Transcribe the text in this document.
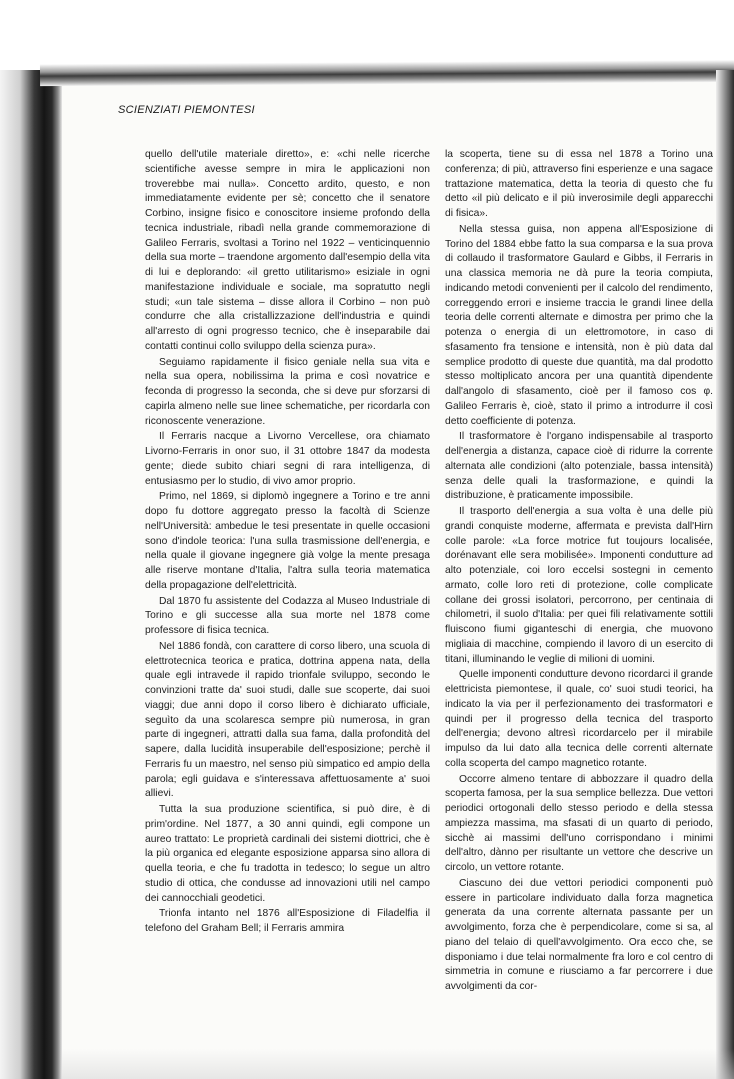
SCIENZIATI PIEMONTESI

quello dell'utile materiale diretto», e: «chi nelle ricerche scientifiche avesse sempre in mira le applicazioni non troverebbe mai nulla». Concetto ardito, questo, e non immediatamente evidente per sè; concetto che il senatore Corbino, insigne fisico e conoscitore insieme profondo della tecnica industriale, ribadì nella grande commemorazione di Galileo Ferraris, svoltasi a Torino nel 1922 – venticinquennio della sua morte – traendone argomento dall'esempio della vita di lui e deplorando: «il gretto utilitarismo» esiziale in ogni manifestazione individuale e sociale, ma sopratutto negli studi; «un tale sistema – disse allora il Corbino – non può condurre che alla cristallizzazione dell'industria e quindi all'arresto di ogni progresso tecnico, che è inseparabile dai contatti continui collo sviluppo della scienza pura».

Seguiamo rapidamente il fisico geniale nella sua vita e nella sua opera, nobilissima la prima e così novatrice e feconda di progresso la seconda, che si deve pur sforzarsi di capirla almeno nelle sue linee schematiche, per ricordarla con riconoscente venerazione.

Il Ferraris nacque a Livorno Vercellese, ora chiamato Livorno-Ferraris in onor suo, il 31 ottobre 1847 da modesta gente; diede subito chiari segni di rara intelligenza, di entusiasmo per lo studio, di vivo amor proprio.

Primo, nel 1869, si diplomò ingegnere a Torino e tre anni dopo fu dottore aggregato presso la facoltà di Scienze nell'Università: ambedue le tesi presentate in quelle occasioni sono d'indole teorica: l'una sulla trasmissione dell'energia, e nella quale il giovane ingegnere già volge la mente presaga alle riserve montane d'Italia, l'altra sulla teoria matematica della propagazione dell'elettricità.

Dal 1870 fu assistente del Codazza al Museo Industriale di Torino e gli successe alla sua morte nel 1878 come professore di fisica tecnica.

Nel 1886 fondà, con carattere di corso libero, una scuola di elettrotecnica teorica e pratica, dottrina appena nata, della quale egli intravede il rapido trionfale sviluppo, secondo le convinzioni tratte da' suoi studi, dalle sue scoperte, dai suoi viaggi; due anni dopo il corso libero è dichiarato ufficiale, seguìto da una scolaresca sempre più numerosa, in gran parte di ingegneri, attratti dalla sua fama, dalla profondità del sapere, dalla lucidità insuperabile dell'esposizione; perchè il Ferraris fu un maestro, nel senso più simpatico ed ampio della parola; egli guidava e s'interessava affettuosamente a' suoi allievi.

Tutta la sua produzione scientifica, si può dire, è di prim'ordine. Nel 1877, a 30 anni quindi, egli compone un aureo trattato: Le proprietà cardinali dei sistemi diottrici, che è la più organica ed elegante esposizione apparsa sino allora di quella teoria, e che fu tradotta in tedesco; lo segue un altro studio di ottica, che condusse ad innovazioni utili nel campo dei cannocchiali geodetici.

Trionfa intanto nel 1876 all'Esposizione di Filadelfia il telefono del Graham Bell; il Ferraris ammira

la scoperta, tiene su di essa nel 1878 a Torino una conferenza; di più, attraverso fini esperienze e una sagace trattazione matematica, detta la teoria di questo che fu detto «il più delicato e il più inverosimile degli apparecchi di fisica».

Nella stessa guisa, non appena all'Esposizione di Torino del 1884 ebbe fatto la sua comparsa e la sua prova di collaudo il trasformatore Gaulard e Gibbs, il Ferraris in una classica memoria ne dà pure la teoria compiuta, indicando metodi convenienti per il calcolo del rendimento, correggendo errori e insieme traccia le grandi linee della teoria delle correnti alternate e dimostra per primo che la potenza o energia di un elettromotore, in caso di sfasamento fra tensione e intensità, non è più data dal semplice prodotto di queste due quantità, ma dal prodotto stesso moltiplicato ancora per una quantità dipendente dall'angolo di sfasamento, cioè per il famoso cos φ. Galileo Ferraris è, cioè, stato il primo a introdurre il così detto coefficiente di potenza.

Il trasformatore è l'organo indispensabile al trasporto dell'energia a distanza, capace cioè di ridurre la corrente alternata alle condizioni (alto potenziale, bassa intensità) senza delle quali la trasformazione, e quindi la distribuzione, è praticamente impossibile.

Il trasporto dell'energia a sua volta è una delle più grandi conquiste moderne, affermata e prevista dall'Hirn colle parole: «La force motrice fut toujours localisée, dorénavant elle sera mobilisée». Imponenti condutture ad alto potenziale, coi loro eccelsi sostegni in cemento armato, colle loro reti di protezione, colle complicate collane dei grossi isolatori, percorrono, per centinaia di chilometri, il suolo d'Italia: per quei fili relativamente sottili fluiscono fiumi giganteschi di energia, che muovono migliaia di macchine, compiendo il lavoro di un esercito di titani, illuminando le veglie di milioni di uomini.

Quelle imponenti condutture devono ricordarci il grande elettricista piemontese, il quale, co' suoi studi teorici, ha indicato la via per il perfezionamento dei trasformatori e quindi per il progresso della tecnica del trasporto dell'energia; devono altresì ricordarcelo per il mirabile impulso da lui dato alla tecnica delle correnti alternate colla scoperta del campo magnetico rotante.

Occorre almeno tentare di abbozzare il quadro della scoperta famosa, per la sua semplice bellezza. Due vettori periodici ortogonali dello stesso periodo e della stessa ampiezza massima, ma sfasati di un quarto di periodo, sicchè ai massimi dell'uno corrispondano i minimi dell'altro, dànno per risultante un vettore che descrive un circolo, un vettore rotante.

Ciascuno dei due vettori periodici componenti può essere in particolare individuato dalla forza magnetica generata da una corrente alternata passante per un avvolgimento, forza che è perpendicolare, come si sa, al piano del telaio di quell'avvolgimento. Ora ecco che, se disponiamo i due telai normalmente fra loro e col centro di simmetria in comune e riusciamo a far percorrere i due avvolgimenti da cor-
